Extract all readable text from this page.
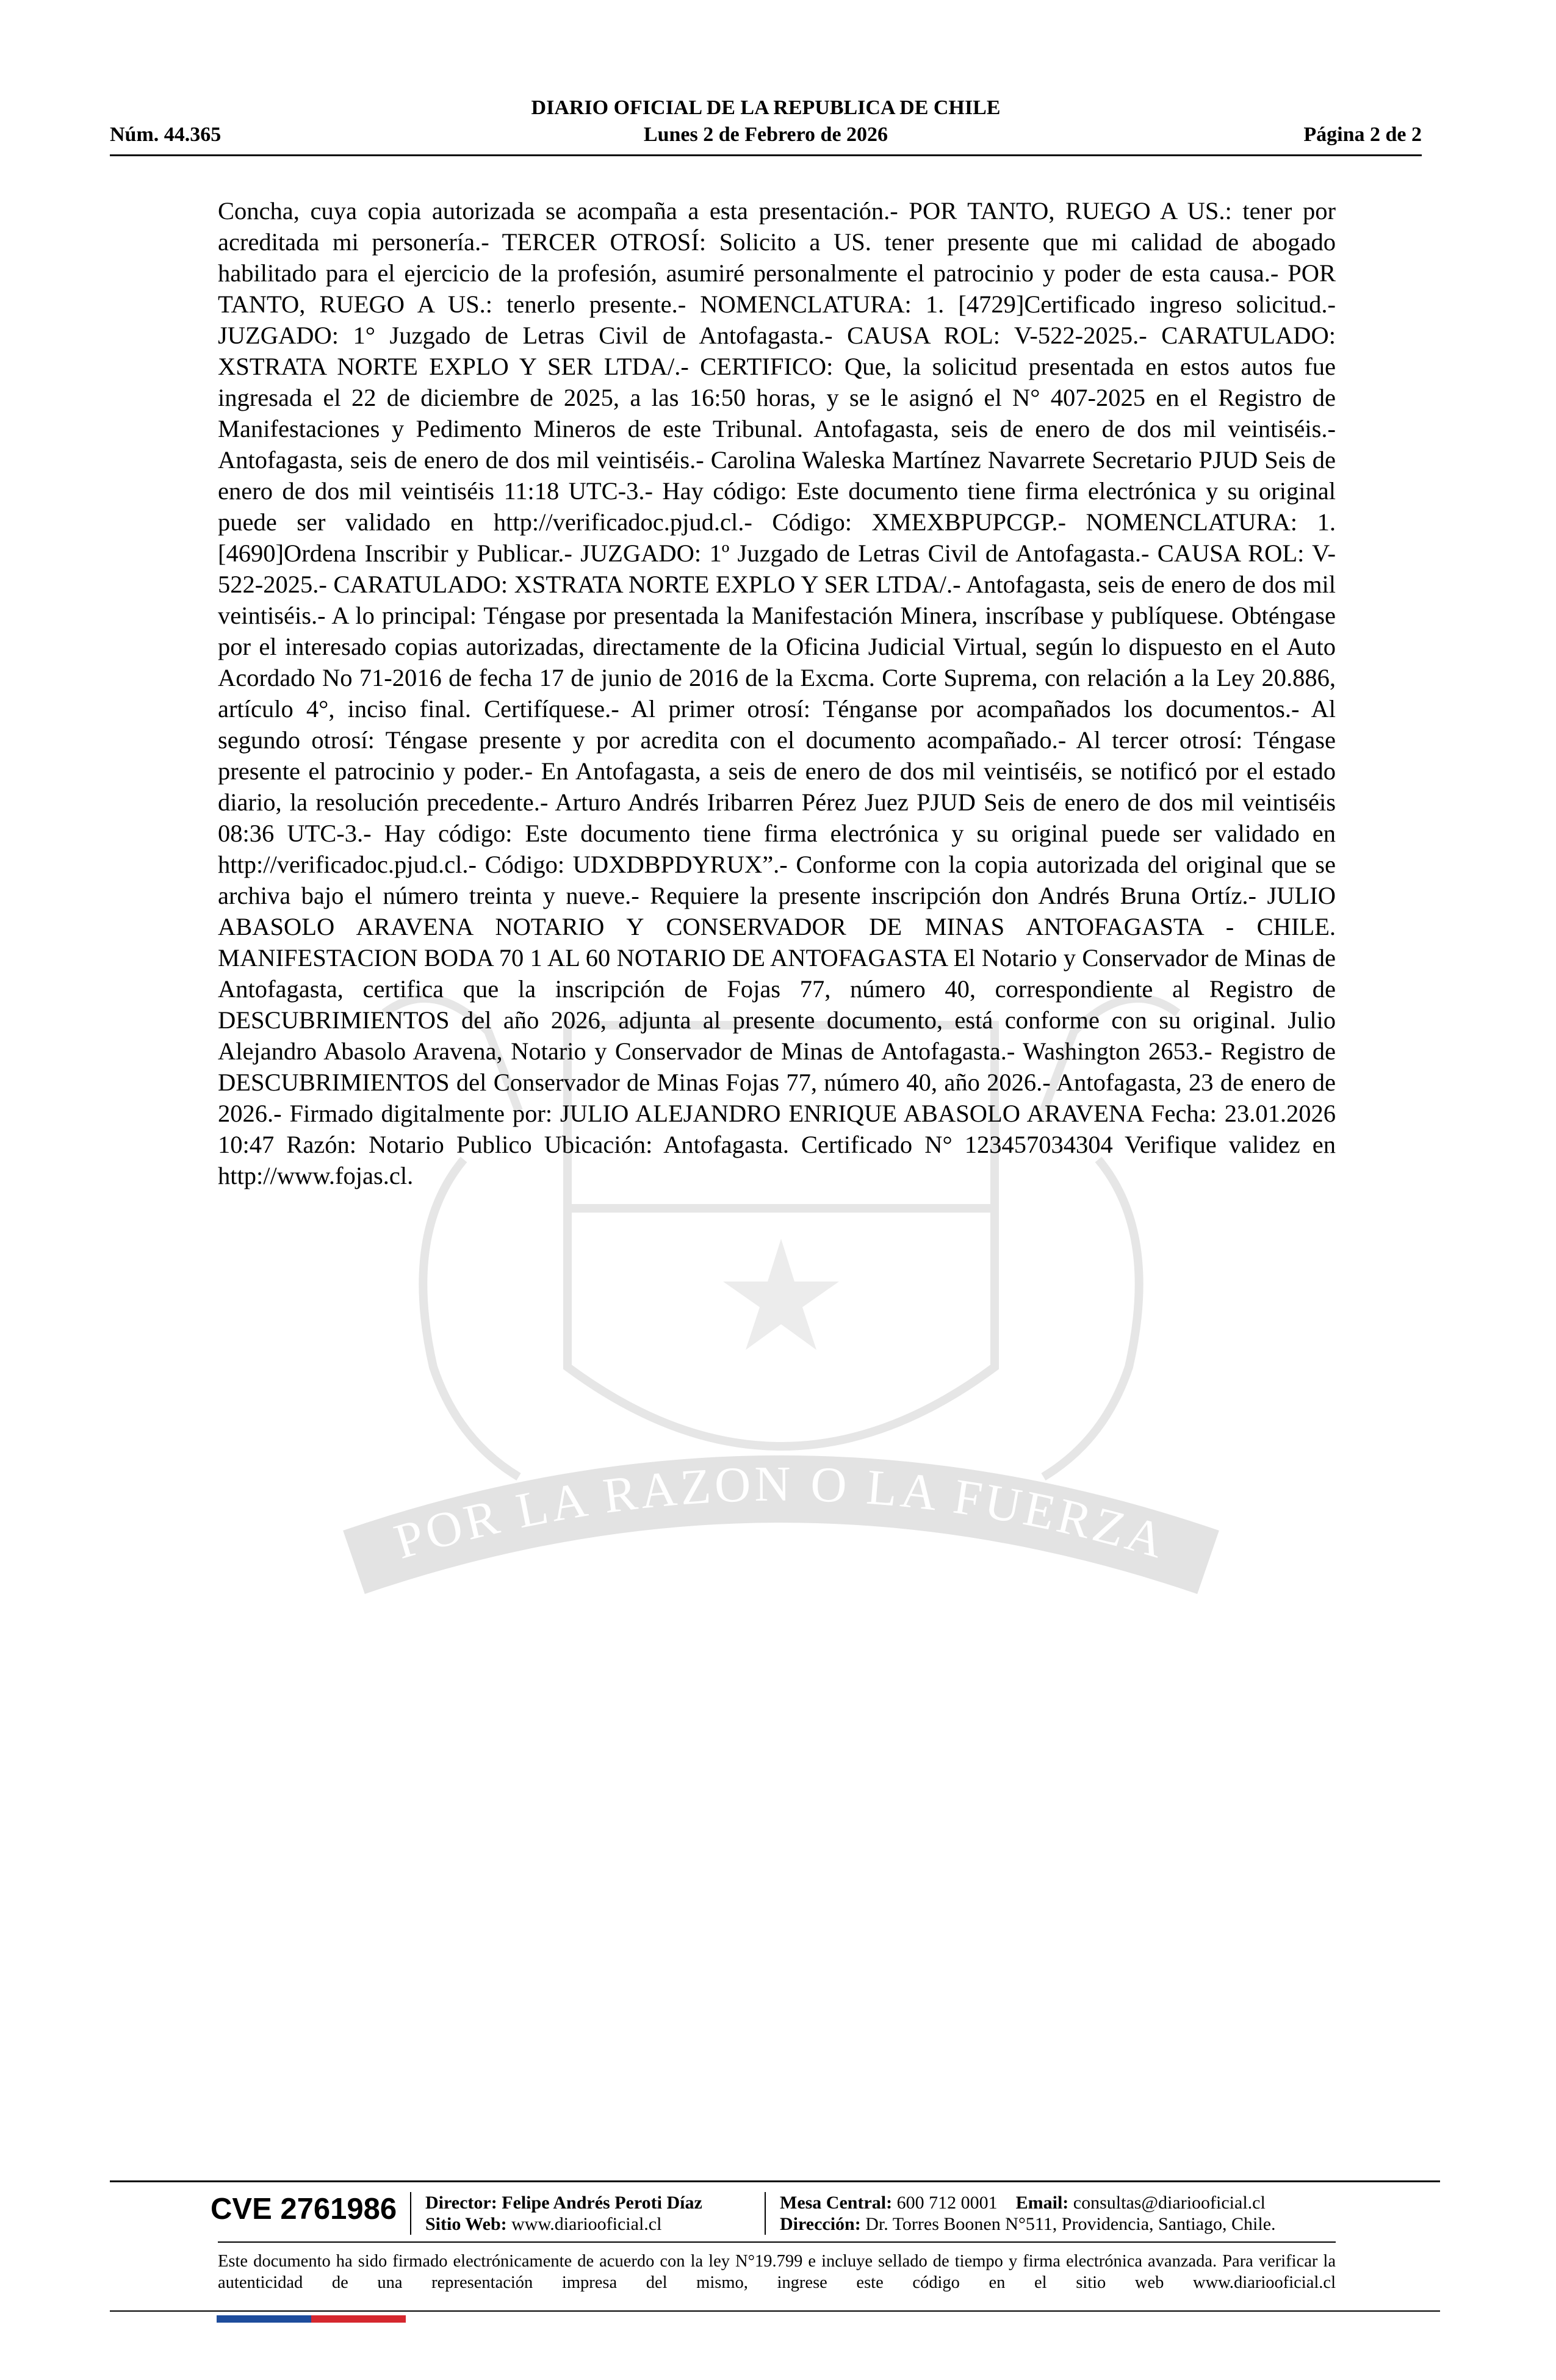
DIARIO OFICIAL DE LA REPUBLICA DE CHILE
Núm. 44.365	Lunes 2 de Febrero de 2026	Página 2 de 2
POR LA RAZON O LA FUERZA
Concha, cuya copia autorizada se acompaña a esta presentación.- POR TANTO, RUEGO A US.: tener por acreditada mi personería.- TERCER OTROSÍ: Solicito a US. tener presente que mi calidad de abogado habilitado para el ejercicio de la profesión, asumiré personalmente el patrocinio y poder de esta causa.- POR TANTO, RUEGO A US.: tenerlo presente.- NOMENCLATURA: 1. [4729]Certificado ingreso solicitud.- JUZGADO: 1° Juzgado de Letras Civil de Antofagasta.- CAUSA ROL: V-522-2025.- CARATULADO: XSTRATA NORTE EXPLO Y SER LTDA/.- CERTIFICO: Que, la solicitud presentada en estos autos fue ingresada el 22 de diciembre de 2025, a las 16:50 horas, y se le asignó el N° 407-2025 en el Registro de Manifestaciones y Pedimento Mineros de este Tribunal. Antofagasta, seis de enero de dos mil veintiséis.- Antofagasta, seis de enero de dos mil veintiséis.- Carolina Waleska Martínez Navarrete Secretario PJUD Seis de enero de dos mil veintiséis 11:18 UTC-3.- Hay código: Este documento tiene firma electrónica y su original puede ser validado en http://verificadoc.pjud.cl.- Código: XMEXBPUPCGP.- NOMENCLATURA: 1. [4690]Ordena Inscribir y Publicar.- JUZGADO: 1º Juzgado de Letras Civil de Antofagasta.- CAUSA ROL: V-522-2025.- CARATULADO: XSTRATA NORTE EXPLO Y SER LTDA/.- Antofagasta, seis de enero de dos mil veintiséis.- A lo principal: Téngase por presentada la Manifestación Minera, inscríbase y publíquese. Obténgase por el interesado copias autorizadas, directamente de la Oficina Judicial Virtual, según lo dispuesto en el Auto Acordado No 71-2016 de fecha 17 de junio de 2016 de la Excma. Corte Suprema, con relación a la Ley 20.886, artículo 4°, inciso final. Certifíquese.- Al primer otrosí: Ténganse por acompañados los documentos.- Al segundo otrosí: Téngase presente y por acredita con el documento acompañado.- Al tercer otrosí: Téngase presente el patrocinio y poder.- En Antofagasta, a seis de enero de dos mil veintiséis, se notificó por el estado diario, la resolución precedente.- Arturo Andrés Iribarren Pérez Juez PJUD Seis de enero de dos mil veintiséis 08:36 UTC-3.- Hay código: Este documento tiene firma electrónica y su original puede ser validado en http://verificadoc.pjud.cl.- Código: UDXDBPDYRUX”.- Conforme con la copia autorizada del original que se archiva bajo el número treinta y nueve.- Requiere la presente inscripción don Andrés Bruna Ortíz.- JULIO ABASOLO ARAVENA NOTARIO Y CONSERVADOR DE MINAS ANTOFAGASTA - CHILE. MANIFESTACION BODA 70 1 AL 60 NOTARIO DE ANTOFAGASTA El Notario y Conservador de Minas de Antofagasta, certifica que la inscripción de Fojas 77, número 40, correspondiente al Registro de DESCUBRIMIENTOS del año 2026, adjunta al presente documento, está conforme con su original. Julio Alejandro Abasolo Aravena, Notario y Conservador de Minas de Antofagasta.- Washington 2653.- Registro de DESCUBRIMIENTOS del Conservador de Minas Fojas 77, número 40, año 2026.- Antofagasta, 23 de enero de 2026.- Firmado digitalmente por: JULIO ALEJANDRO ENRIQUE ABASOLO ARAVENA Fecha: 23.01.2026 10:47 Razón: Notario Publico Ubicación: Antofagasta. Certificado N° 123457034304 Verifique validez en http://www.fojas.cl.
CVE 2761986 Director: Felipe Andrés Peroti Díaz
Sitio Web: www.diariooficial.cl
Mesa Central: 600 712 0001 Email: consultas@diariooficial.cl
Dirección: Dr. Torres Boonen N°511, Providencia, Santiago, Chile.
Este documento ha sido firmado electrónicamente de acuerdo con la ley N°19.799 e incluye sellado de tiempo y firma electrónica avanzada. Para verificar la autenticidad de una representación impresa del mismo, ingrese este código en el sitio web www.diariooficial.cl
